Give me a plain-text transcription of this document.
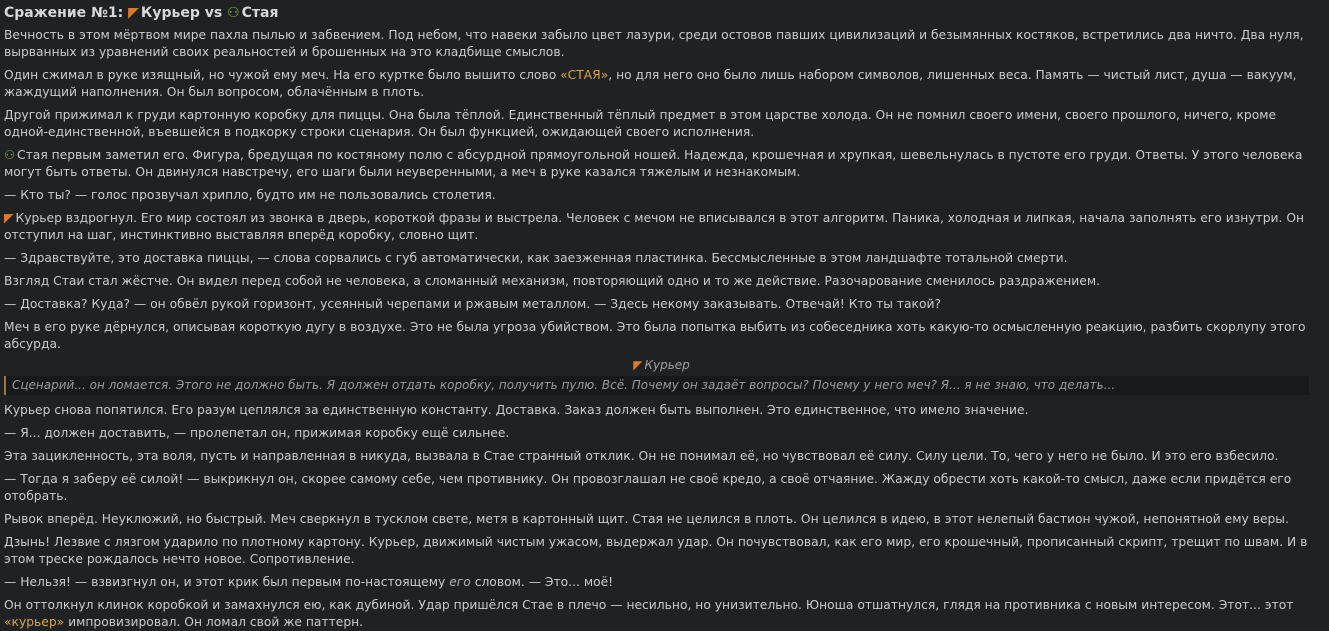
Сражение №1: ◤ Курьер vs ⚇ Стая

Вечность в этом мёртвом мире пахла пылью и забвением. Под небом, что навеки забыло цвет лазури, среди остовов павших цивилизаций и безымянных костяков, встретились два ничто. Два нуля, вырванных из уравнений своих реальностей и брошенных на это кладбище смыслов.

Один сжимал в руке изящный, но чужой ему меч. На его куртке было вышито слово «СТАЯ», но для него оно было лишь набором символов, лишенных веса. Память — чистый лист, душа — вакуум, жаждущий наполнения. Он был вопросом, облачённым в плоть.

Другой прижимал к груди картонную коробку для пиццы. Она была тёплой. Единственный тёплый предмет в этом царстве холода. Он не помнил своего имени, своего прошлого, ничего, кроме одной-единственной, въевшейся в подкорку строки сценария. Он был функцией, ожидающей своего исполнения.

⚇ Стая первым заметил его. Фигура, бредущая по костяному полю с абсурдной прямоугольной ношей. Надежда, крошечная и хрупкая, шевельнулась в пустоте его груди. Ответы. У этого человека могут быть ответы. Он двинулся навстречу, его шаги были неуверенными, а меч в руке казался тяжелым и незнакомым.

— Кто ты? — голос прозвучал хрипло, будто им не пользовались столетия.

◤ Курьер вздрогнул. Его мир состоял из звонка в дверь, короткой фразы и выстрела. Человек с мечом не вписывался в этот алгоритм. Паника, холодная и липкая, начала заполнять его изнутри. Он отступил на шаг, инстинктивно выставляя вперёд коробку, словно щит.

— Здравствуйте, это доставка пиццы, — слова сорвались с губ автоматически, как заезженная пластинка. Бессмысленные в этом ландшафте тотальной смерти.

Взгляд Стаи стал жёстче. Он видел перед собой не человека, а сломанный механизм, повторяющий одно и то же действие. Разочарование сменилось раздражением.

— Доставка? Куда? — он обвёл рукой горизонт, усеянный черепами и ржавым металлом. — Здесь некому заказывать. Отвечай! Кто ты такой?

Меч в его руке дёрнулся, описывая короткую дугу в воздухе. Это не была угроза убийством. Это была попытка выбить из собеседника хоть какую-то осмысленную реакцию, разбить скорлупу этого абсурда.

◤ Курьер
Сценарий... он ломается. Этого не должно быть. Я должен отдать коробку, получить пулю. Всё. Почему он задаёт вопросы? Почему у него меч? Я... я не знаю, что делать...

Курьер снова попятился. Его разум цеплялся за единственную константу. Доставка. Заказ должен быть выполнен. Это единственное, что имело значение.

— Я... должен доставить, — пролепетал он, прижимая коробку ещё сильнее.

Эта зацикленность, эта воля, пусть и направленная в никуда, вызвала в Стае странный отклик. Он не понимал её, но чувствовал её силу. Силу цели. То, чего у него не было. И это его взбесило.

— Тогда я заберу её силой! — выкрикнул он, скорее самому себе, чем противнику. Он провозглашал не своё кредо, а своё отчаяние. Жажду обрести хоть какой-то смысл, даже если придётся его отобрать.

Рывок вперёд. Неуклюжий, но быстрый. Меч сверкнул в тусклом свете, метя в картонный щит. Стая не целился в плоть. Он целился в идею, в этот нелепый бастион чужой, непонятной ему веры.

Дзынь! Лезвие с лязгом ударило по плотному картону. Курьер, движимый чистым ужасом, выдержал удар. Он почувствовал, как его мир, его крошечный, прописанный скрипт, трещит по швам. И в этом треске рождалось нечто новое. Сопротивление.

— Нельзя! — взвизгнул он, и этот крик был первым по-настоящему его словом. — Это... моё!

Он оттолкнул клинок коробкой и замахнулся ею, как дубиной. Удар пришёлся Стае в плечо — несильно, но унизительно. Юноша отшатнулся, глядя на противника с новым интересом. Этот... этот «курьер» импровизировал. Он ломал свой же паттерн.
